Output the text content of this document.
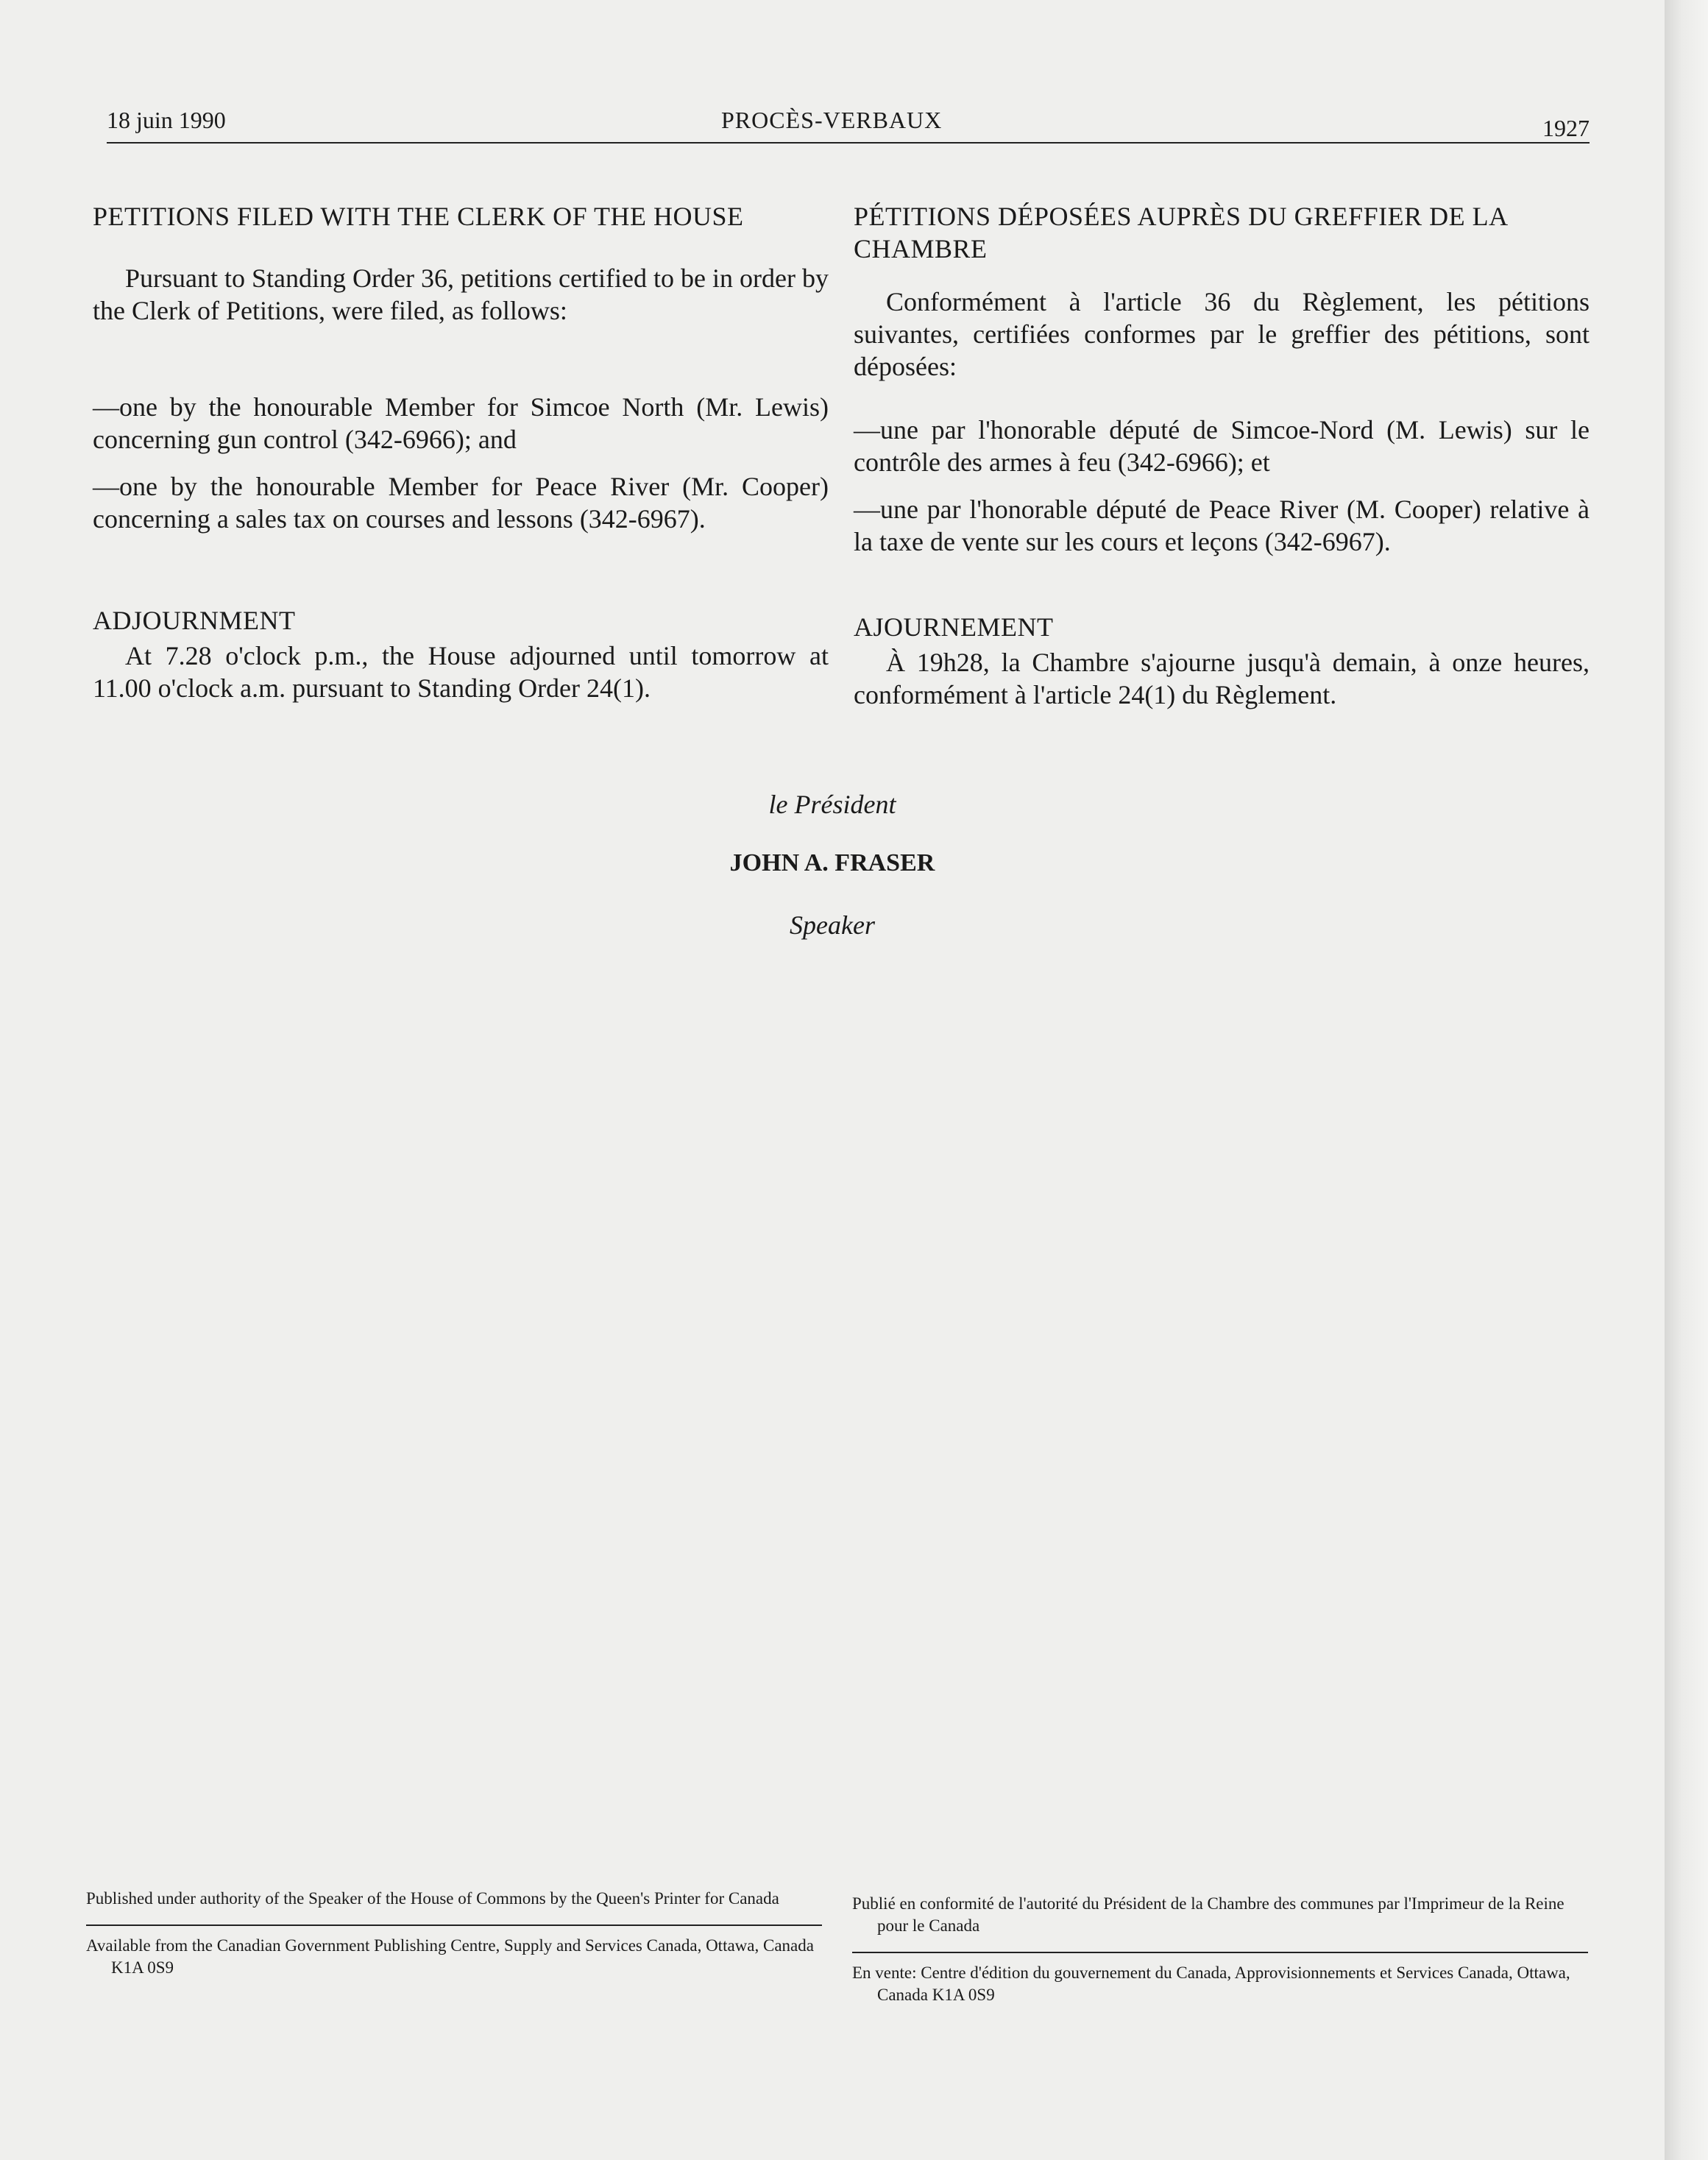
18 juin 1990	PROCÈS-VERBAUX	1927
PETITIONS FILED WITH THE CLERK OF THE HOUSE

Pursuant to Standing Order 36, petitions certified to be in order by the Clerk of Petitions, were filed, as follows:

—one by the honourable Member for Simcoe North (Mr. Lewis) concerning gun control (342-6966); and

—one by the honourable Member for Peace River (Mr. Cooper) concerning a sales tax on courses and lessons (342-6967).

ADJOURNMENT

At 7.28 o'clock p.m., the House adjourned until tomorrow at 11.00 o'clock a.m. pursuant to Standing Order 24(1).

PÉTITIONS DÉPOSÉES AUPRÈS DU GREFFIER DE LA CHAMBRE

Conformément à l'article 36 du Règlement, les pétitions suivantes, certifiées conformes par le greffier des pétitions, sont déposées:

—une par l'honorable député de Simcoe-Nord (M. Lewis) sur le contrôle des armes à feu (342-6966); et

—une par l'honorable député de Peace River (M. Cooper) relative à la taxe de vente sur les cours et leçons (342-6967).

AJOURNEMENT

À 19h28, la Chambre s'ajourne jusqu'à demain, à onze heures, conformément à l'article 24(1) du Règlement.

le Président
JOHN A. FRASER
Speaker

Published under authority of the Speaker of the House of Commons by the Queen's Printer for Canada

Available from the Canadian Government Publishing Centre, Supply and Services Canada, Ottawa, Canada K1A 0S9

Publié en conformité de l'autorité du Président de la Chambre des communes par l'Imprimeur de la Reine pour le Canada

En vente: Centre d'édition du gouvernement du Canada, Approvisionnements et Services Canada, Ottawa, Canada K1A 0S9
